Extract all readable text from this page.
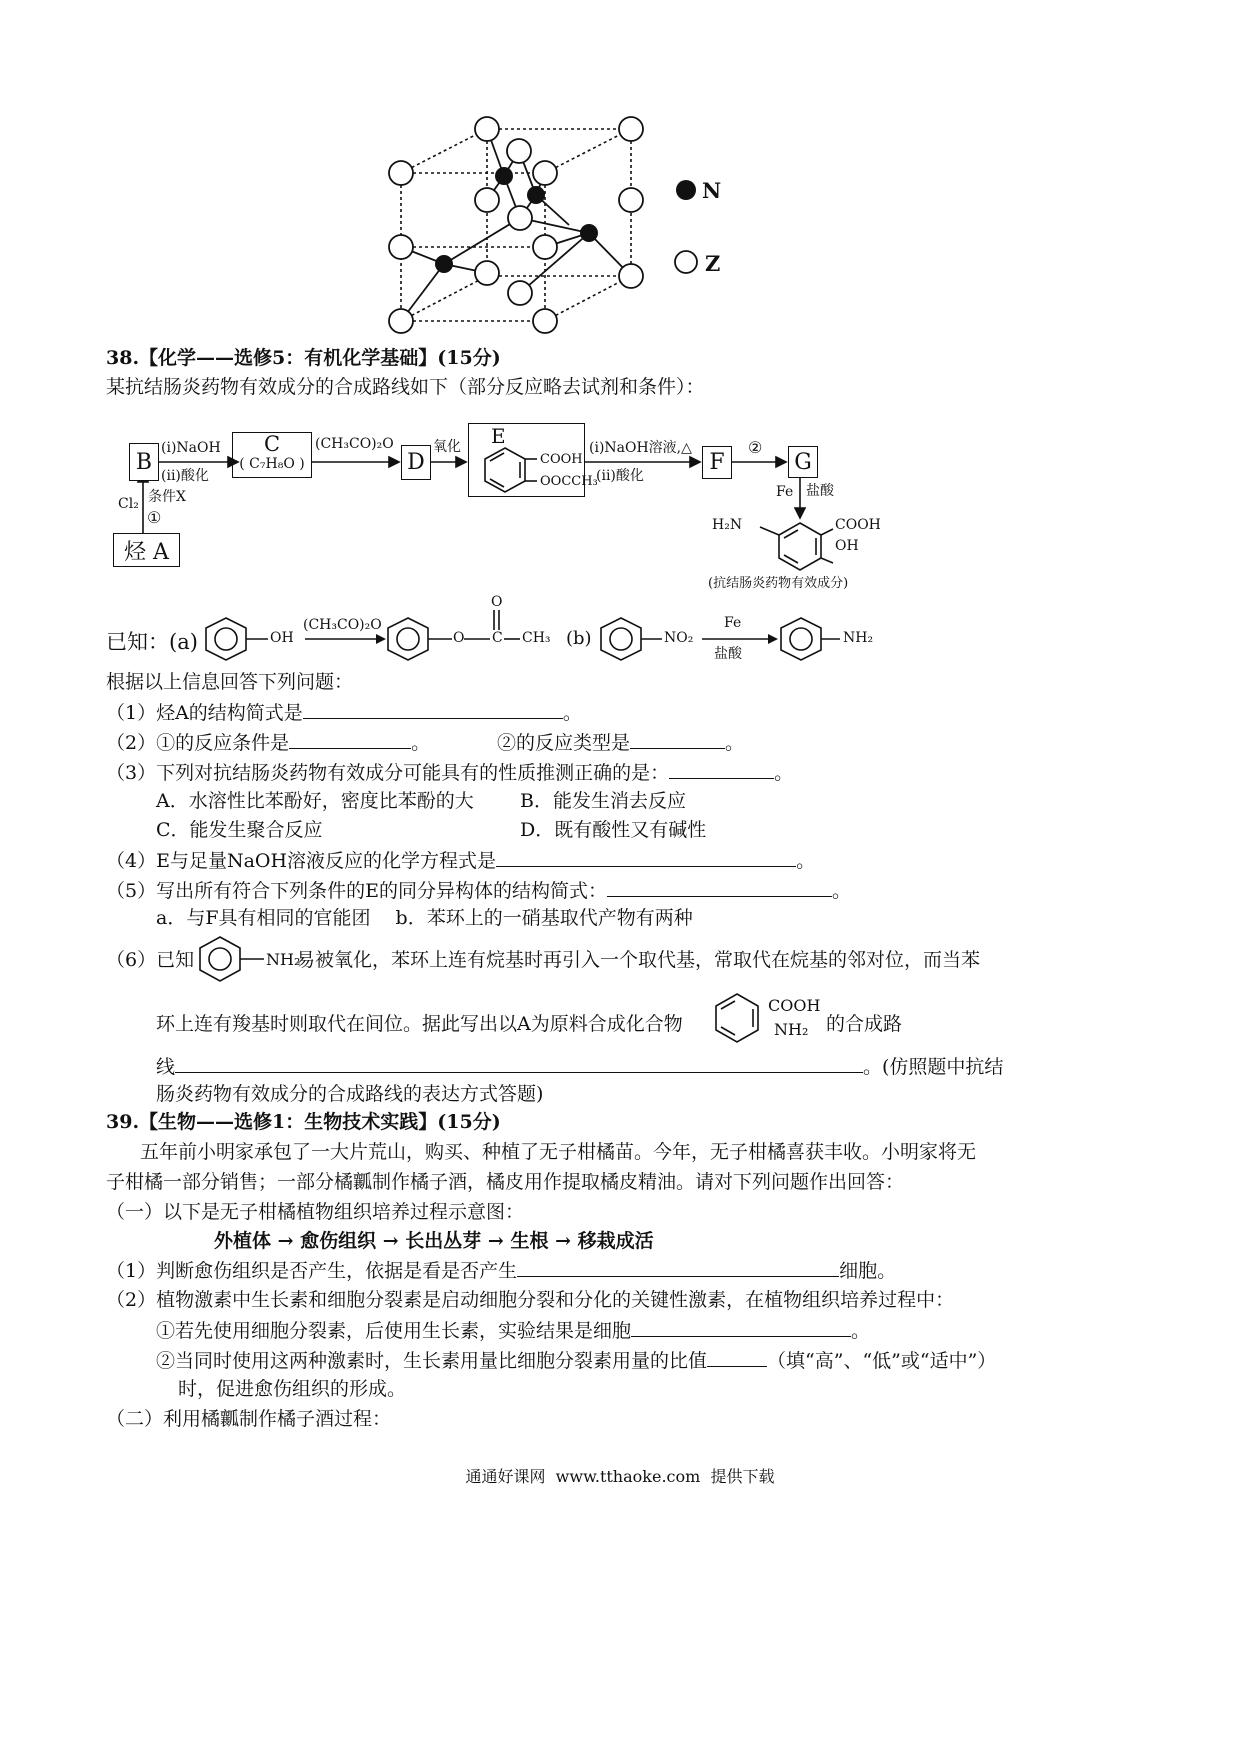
N
Z
38.【化学——选修5：有机化学基础】(15分)
某抗结肠炎药物有效成分的合成路线如下（部分反应略去试剂和条件）：
B
(i)NaOH
(ii)酸化
C
( C₇H₈O )
(CH₃CO)₂O
D
氧化 E
COOH
OOCCH₃
(i)NaOH溶液,△
(ii)酸化
F
②
G
Fe 盐酸
H₂N	COOH
OH
(抗结肠炎药物有效成分)
Cl₂ 条件X
①
烃 A
已知：(a)	OH
(CH₃CO)₂O
O
O C CH₃ (b)	NO₂
Fe
盐酸
NH₂
根据以上信息回答下列问题：
（1）烃A的结构简式是	。
（2）①的反应条件是	。	②的反应类型是	。
（3）下列对抗结肠炎药物有效成分可能具有的性质推测正确的是：	。
A．水溶性比苯酚好，密度比苯酚的大 B．能发生消去反应
C．能发生聚合反应	D．既有酸性又有碱性
（4）E与足量NaOH溶液反应的化学方程式是	。
（5）写出所有符合下列条件的E的同分异构体的结构简式：	。
a．与F具有相同的官能团　 b．苯环上的一硝基取代产物有两种
（6）已知	NH₂
易被氧化，苯环上连有烷基时再引入一个取代基，常取代在烷基的邻对位，而当苯
环上连有羧基时则取代在间位。据此写出以A为原料合成化合物
COOH
NH₂ 的合成路
线	。(仿照题中抗结
肠炎药物有效成分的合成路线的表达方式答题)
39.【生物——选修1：生物技术实践】(15分)
五年前小明家承包了一大片荒山，购买、种植了无子柑橘苗。今年，无子柑橘喜获丰收。小明家将无
子柑橘一部分销售；一部分橘瓤制作橘子酒，橘皮用作提取橘皮精油。请对下列问题作出回答：
（一）以下是无子柑橘植物组织培养过程示意图：
外植体 → 愈伤组织 → 长出丛芽 → 生根 → 移栽成活
（1）判断愈伤组织是否产生，依据是看是否产生	细胞。
（2）植物激素中生长素和细胞分裂素是启动细胞分裂和分化的关键性激素，在植物组织培养过程中：
①若先使用细胞分裂素，后使用生长素，实验结果是细胞	。
②当同时使用这两种激素时，生长素用量比细胞分裂素用量的比值	（填“高”、“低”或“适中”）
时，促进愈伤组织的形成。
（二）利用橘瓤制作橘子酒过程：
通通好课网  www.tthaoke.com  提供下载
